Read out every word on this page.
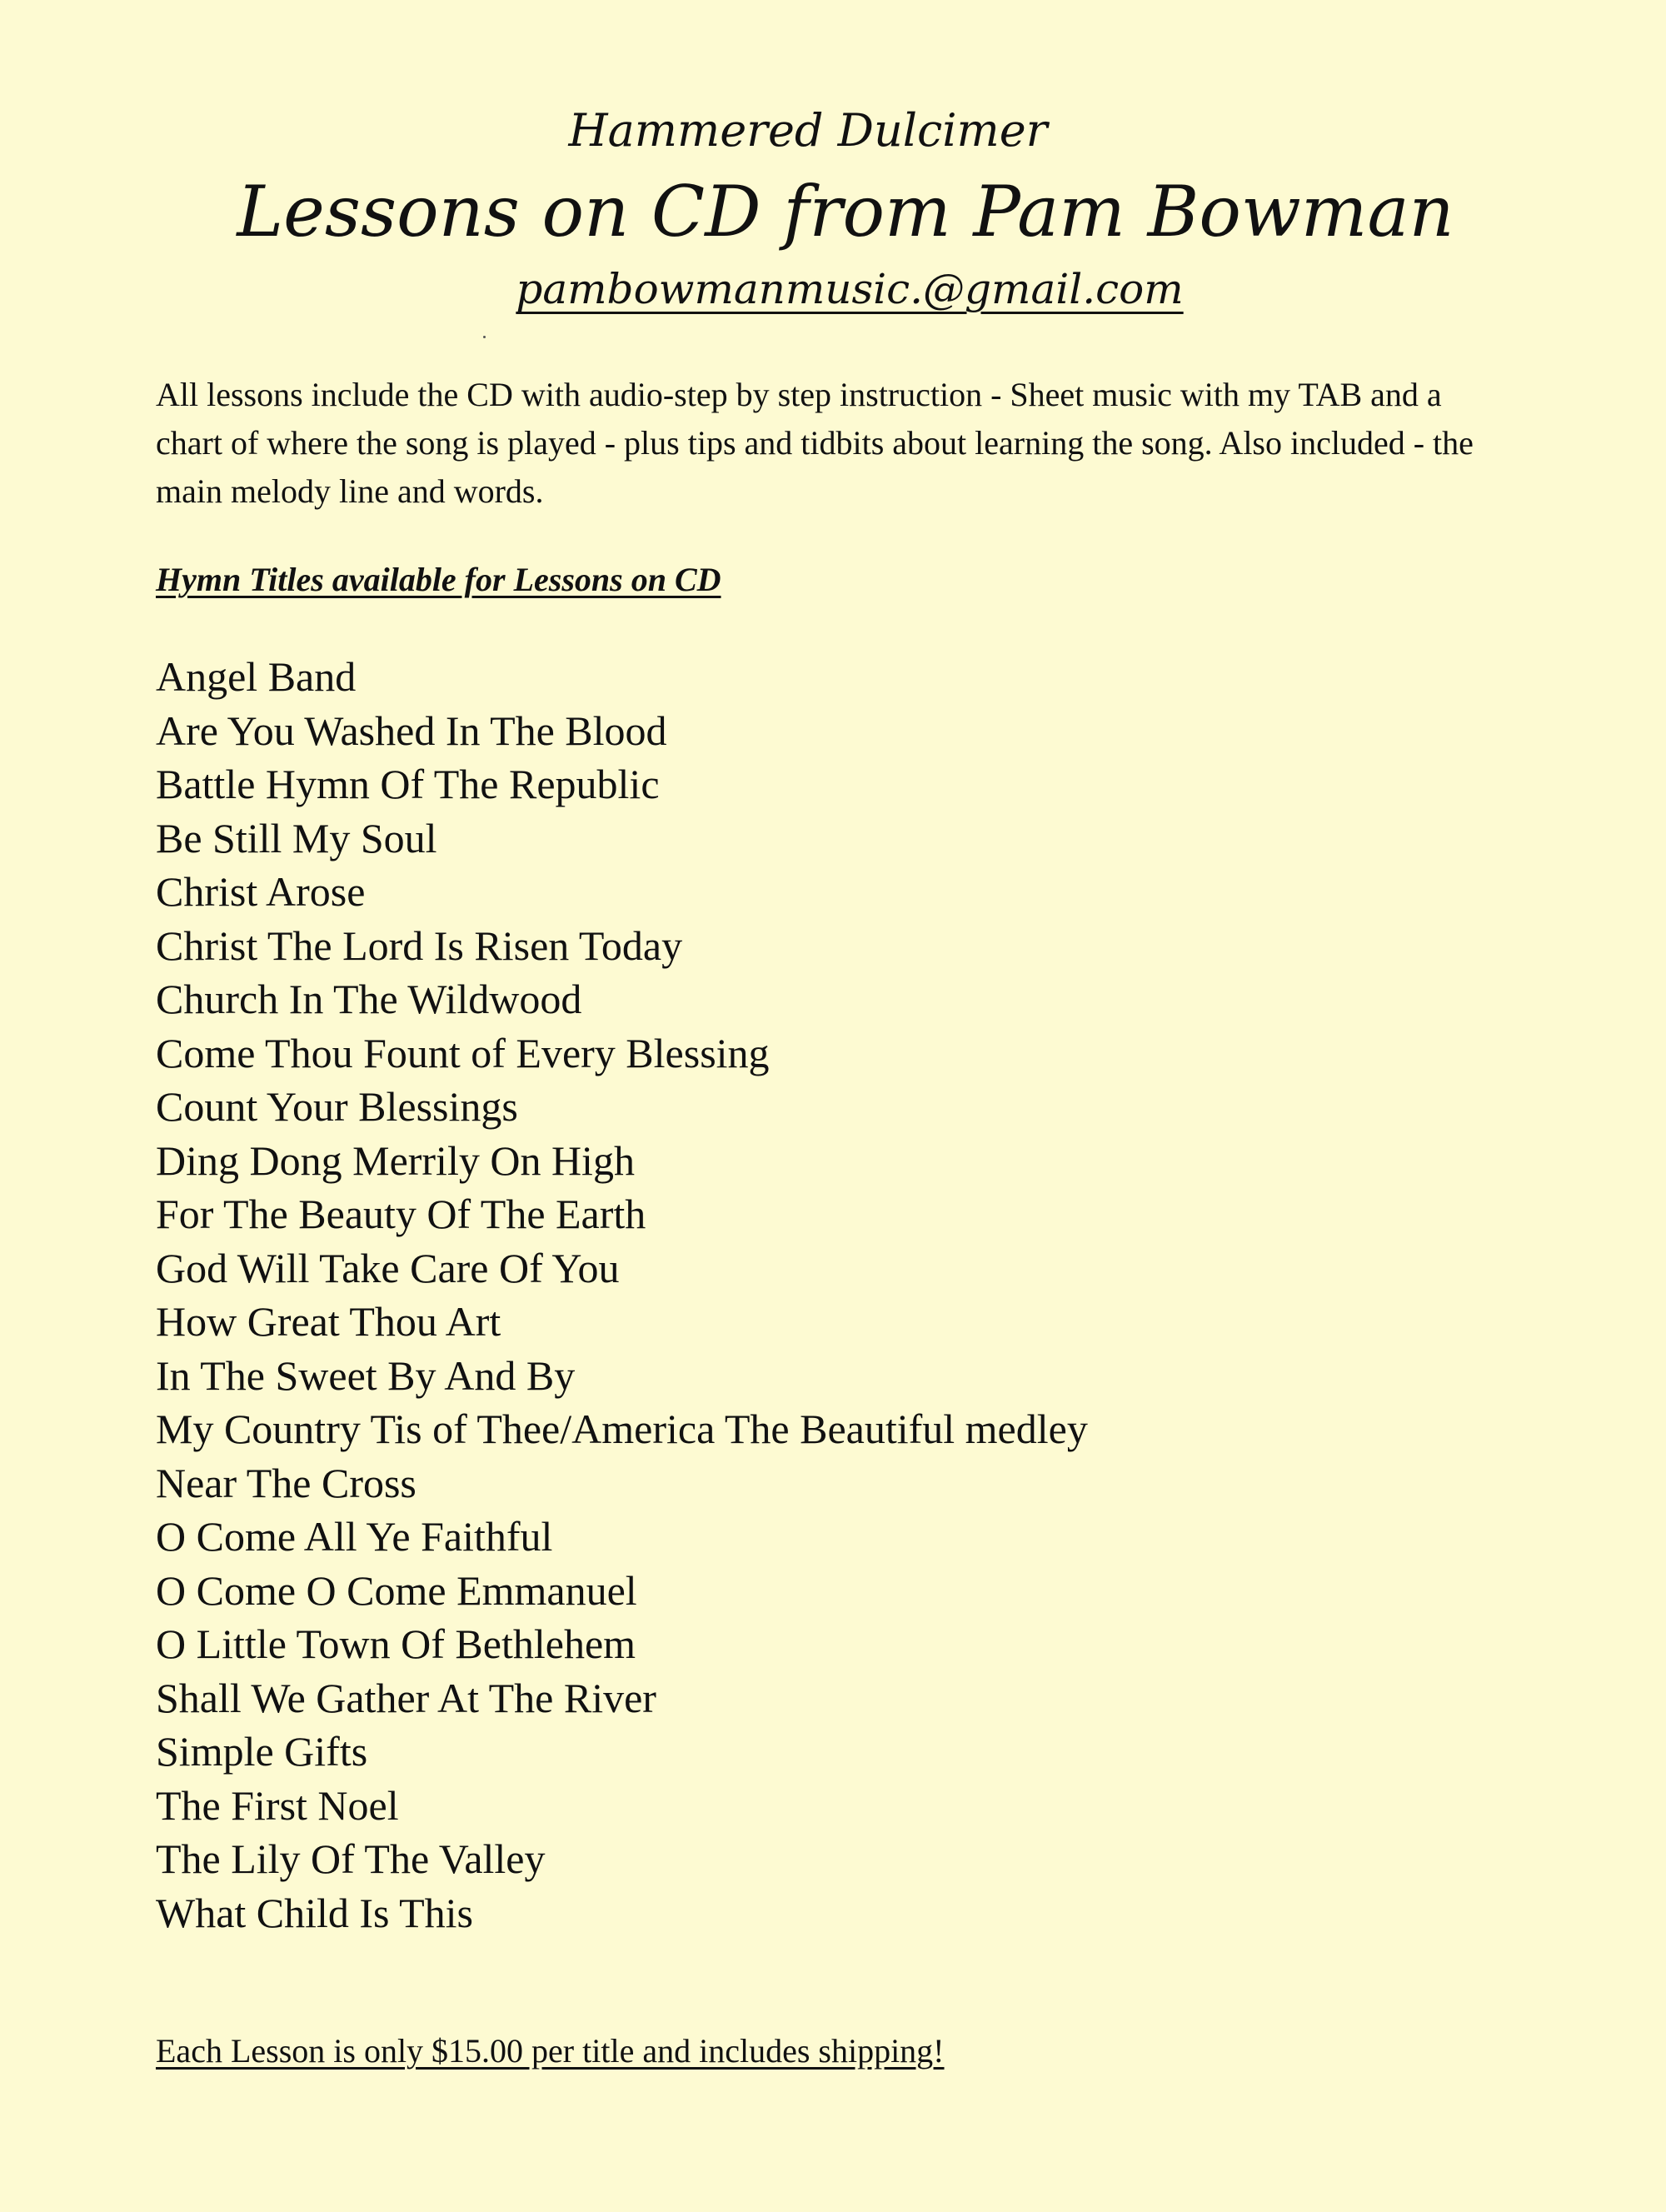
Hammered Dulcimer
Lessons on CD from Pam Bowman
pambowmanmusic.@gmail.com
All lessons include the CD with audio-step by step instruction - Sheet music with my TAB and a chart of where the song is played - plus tips and tidbits about learning the song. Also included - the main melody line and words.
Hymn Titles available for Lessons on CD
Angel Band
Are You Washed In The Blood
Battle Hymn Of The Republic
Be Still My Soul
Christ Arose
Christ The Lord Is Risen Today
Church In The Wildwood
Come Thou Fount of Every Blessing
Count Your Blessings
Ding Dong Merrily On High
For The Beauty Of The Earth
God Will Take Care Of You
How Great Thou Art
In The Sweet By And By
My Country Tis of Thee/America The Beautiful medley
Near The Cross
O Come All Ye Faithful
O Come O Come Emmanuel
O Little Town Of Bethlehem
Shall We Gather At The River
Simple Gifts
The First Noel
The Lily Of The Valley
What Child Is This
Each Lesson is only $15.00 per title and includes shipping!
